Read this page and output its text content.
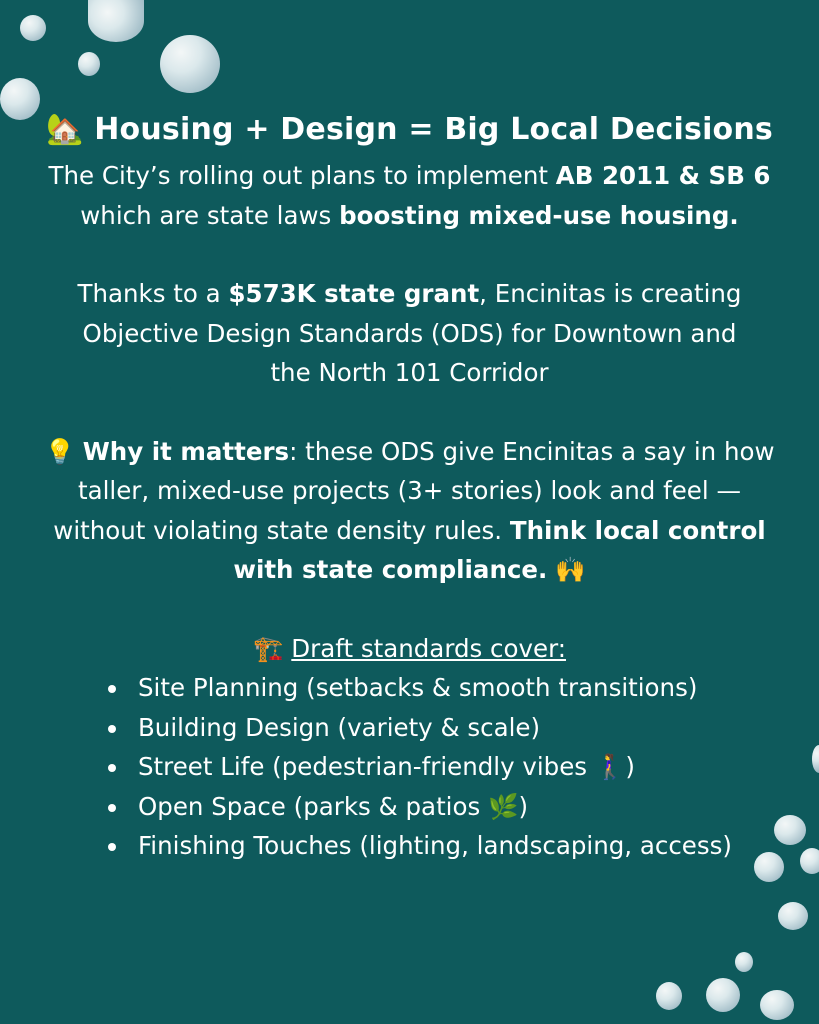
🏡 Housing + Design = Big Local Decisions

The City’s rolling out plans to implement AB 2011 & SB 6 which are state laws boosting mixed-use housing.

Thanks to a $573K state grant, Encinitas is creating Objective Design Standards (ODS) for Downtown and the North 101 Corridor

💡 Why it matters: these ODS give Encinitas a say in how taller, mixed-use projects (3+ stories) look and feel — without violating state density rules. Think local control with state compliance. 🙌

🏗️ Draft standards cover:

Site Planning (setbacks & smooth transitions)
Building Design (variety & scale)
Street Life (pedestrian-friendly vibes 🚶‍♀️)
Open Space (parks & patios 🌿)
Finishing Touches (lighting, landscaping, access)
